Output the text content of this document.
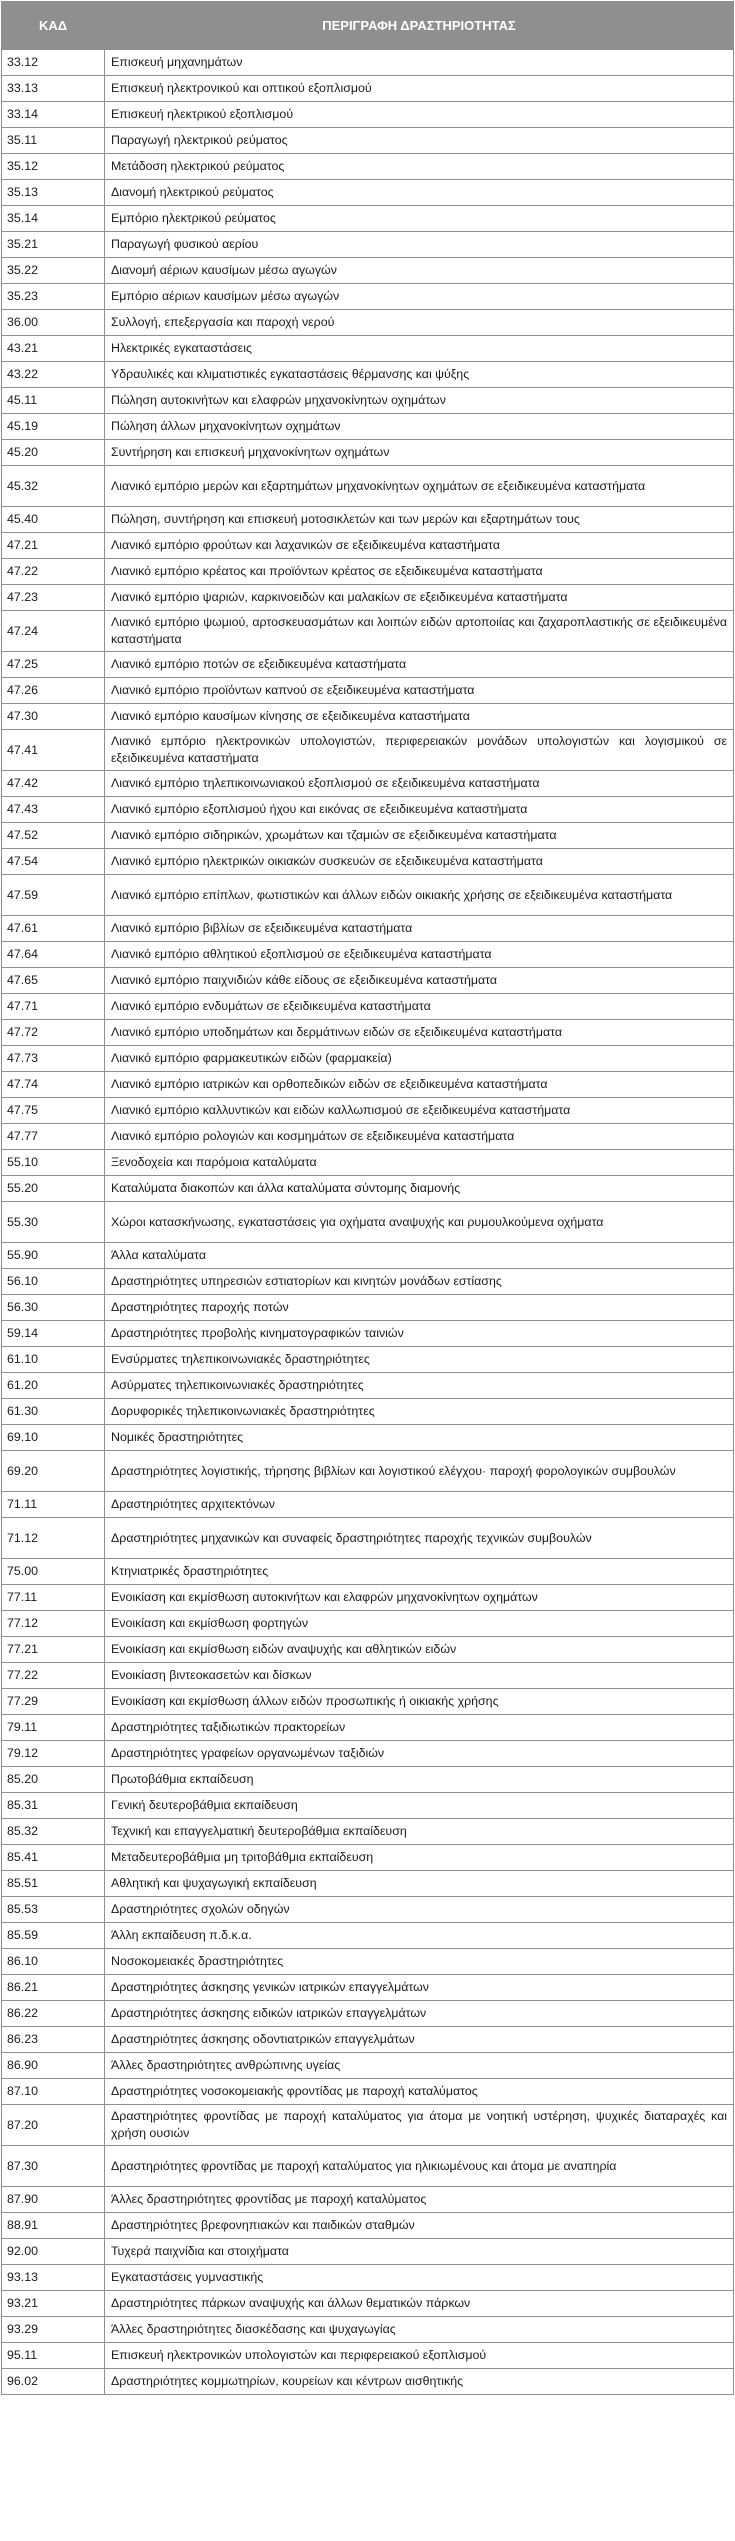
ΚΑΔ	ΠΕΡΙΓΡΑΦΗ ΔΡΑΣΤΗΡΙΟΤΗΤΑΣ
33.12	Επισκευή μηχανημάτων
33.13	Επισκευή ηλεκτρονικού και οπτικού εξοπλισμού
33.14	Επισκευή ηλεκτρικού εξοπλισμού
35.11	Παραγωγή ηλεκτρικού ρεύματος
35.12	Μετάδοση ηλεκτρικού ρεύματος
35.13	Διανομή ηλεκτρικού ρεύματος
35.14	Εμπόριο ηλεκτρικού ρεύματος
35.21	Παραγωγή φυσικού αερίου
35.22	Διανομή αέριων καυσίμων μέσω αγωγών
35.23	Εμπόριο αέριων καυσίμων μέσω αγωγών
36.00	Συλλογή, επεξεργασία και παροχή νερού
43.21	Ηλεκτρικές εγκαταστάσεις
43.22	Υδραυλικές και κλιματιστικές εγκαταστάσεις θέρμανσης και ψύξης
45.11	Πώληση αυτοκινήτων και ελαφρών μηχανοκίνητων οχημάτων
45.19	Πώληση άλλων μηχανοκίνητων οχημάτων
45.20	Συντήρηση και επισκευή μηχανοκίνητων οχημάτων
45.32	Λιανικό εμπόριο μερών και εξαρτημάτων μηχανοκίνητων οχημάτων σε εξειδικευμένα καταστήματα
45.40	Πώληση, συντήρηση και επισκευή μοτοσικλετών και των μερών και εξαρτημάτων τους
47.21	Λιανικό εμπόριο φρούτων και λαχανικών σε εξειδικευμένα καταστήματα
47.22	Λιανικό εμπόριο κρέατος και προϊόντων κρέατος σε εξειδικευμένα καταστήματα
47.23	Λιανικό εμπόριο ψαριών, καρκινοειδών και μαλακίων σε εξειδικευμένα καταστήματα
47.24	Λιανικό εμπόριο ψωμιού, αρτοσκευασμάτων και λοιπών ειδών αρτοποιίας και ζαχαροπλαστικής σε εξειδικευμένα καταστήματα
47.25	Λιανικό εμπόριο ποτών σε εξειδικευμένα καταστήματα
47.26	Λιανικό εμπόριο προϊόντων καπνού σε εξειδικευμένα καταστήματα
47.30	Λιανικό εμπόριο καυσίμων κίνησης σε εξειδικευμένα καταστήματα
47.41	Λιανικό εμπόριο ηλεκτρονικών υπολογιστών, περιφερειακών μονάδων υπολογιστών και λογισμικού σε εξειδικευμένα καταστήματα
47.42	Λιανικό εμπόριο τηλεπικοινωνιακού εξοπλισμού σε εξειδικευμένα καταστήματα
47.43	Λιανικό εμπόριο εξοπλισμού ήχου και εικόνας σε εξειδικευμένα καταστήματα
47.52	Λιανικό εμπόριο σιδηρικών, χρωμάτων και τζαμιών σε εξειδικευμένα καταστήματα
47.54	Λιανικό εμπόριο ηλεκτρικών οικιακών συσκευών σε εξειδικευμένα καταστήματα
47.59	Λιανικό εμπόριο επίπλων, φωτιστικών και άλλων ειδών οικιακής χρήσης σε εξειδικευμένα καταστήματα
47.61	Λιανικό εμπόριο βιβλίων σε εξειδικευμένα καταστήματα
47.64	Λιανικό εμπόριο αθλητικού εξοπλισμού σε εξειδικευμένα καταστήματα
47.65	Λιανικό εμπόριο παιχνιδιών κάθε είδους σε εξειδικευμένα καταστήματα
47.71	Λιανικό εμπόριο ενδυμάτων σε εξειδικευμένα καταστήματα
47.72	Λιανικό εμπόριο υποδημάτων και δερμάτινων ειδών σε εξειδικευμένα καταστήματα
47.73	Λιανικό εμπόριο φαρμακευτικών ειδών (φαρμακεία)
47.74	Λιανικό εμπόριο ιατρικών και ορθοπεδικών ειδών σε εξειδικευμένα καταστήματα
47.75	Λιανικό εμπόριο καλλυντικών και ειδών καλλωπισμού σε εξειδικευμένα καταστήματα
47.77	Λιανικό εμπόριο ρολογιών και κοσμημάτων σε εξειδικευμένα καταστήματα
55.10	Ξενοδοχεία και παρόμοια καταλύματα
55.20	Καταλύματα διακοπών και άλλα καταλύματα σύντομης διαμονής
55.30	Χώροι κατασκήνωσης, εγκαταστάσεις για οχήματα αναψυχής και ρυμουλκούμενα οχήματα
55.90	Άλλα καταλύματα
56.10	Δραστηριότητες υπηρεσιών εστιατορίων και κινητών μονάδων εστίασης
56.30	Δραστηριότητες παροχής ποτών
59.14	Δραστηριότητες προβολής κινηματογραφικών ταινιών
61.10	Ενσύρματες τηλεπικοινωνιακές δραστηριότητες
61.20	Ασύρματες τηλεπικοινωνιακές δραστηριότητες
61.30	Δορυφορικές τηλεπικοινωνιακές δραστηριότητες
69.10	Νομικές δραστηριότητες
69.20	Δραστηριότητες λογιστικής, τήρησης βιβλίων και λογιστικού ελέγχου· παροχή φορολογικών συμβουλών
71.11	Δραστηριότητες αρχιτεκτόνων
71.12	Δραστηριότητες μηχανικών και συναφείς δραστηριότητες παροχής τεχνικών συμβουλών
75.00	Κτηνιατρικές δραστηριότητες
77.11	Ενοικίαση και εκμίσθωση αυτοκινήτων και ελαφρών μηχανοκίνητων οχημάτων
77.12	Ενοικίαση και εκμίσθωση φορτηγών
77.21	Ενοικίαση και εκμίσθωση ειδών αναψυχής και αθλητικών ειδών
77.22	Ενοικίαση βιντεοκασετών και δίσκων
77.29	Ενοικίαση και εκμίσθωση άλλων ειδών προσωπικής ή οικιακής χρήσης
79.11	Δραστηριότητες ταξιδιωτικών πρακτορείων
79.12	Δραστηριότητες γραφείων οργανωμένων ταξιδιών
85.20	Πρωτοβάθμια εκπαίδευση
85.31	Γενική δευτεροβάθμια εκπαίδευση
85.32	Τεχνική και επαγγελματική δευτεροβάθμια εκπαίδευση
85.41	Μεταδευτεροβάθμια μη τριτοβάθμια εκπαίδευση
85.51	Αθλητική και ψυχαγωγική εκπαίδευση
85.53	Δραστηριότητες σχολών οδηγών
85.59	Άλλη εκπαίδευση π.δ.κ.α.
86.10	Νοσοκομειακές δραστηριότητες
86.21	Δραστηριότητες άσκησης γενικών ιατρικών επαγγελμάτων
86.22	Δραστηριότητες άσκησης ειδικών ιατρικών επαγγελμάτων
86.23	Δραστηριότητες άσκησης οδοντιατρικών επαγγελμάτων
86.90	Άλλες δραστηριότητες ανθρώπινης υγείας
87.10	Δραστηριότητες νοσοκομειακής φροντίδας με παροχή καταλύματος
87.20	Δραστηριότητες φροντίδας με παροχή καταλύματος για άτομα με νοητική υστέρηση, ψυχικές διαταραχές και χρήση ουσιών
87.30	Δραστηριότητες φροντίδας με παροχή καταλύματος για ηλικιωμένους και άτομα με αναπηρία
87.90	Άλλες δραστηριότητες φροντίδας με παροχή καταλύματος
88.91	Δραστηριότητες βρεφονηπιακών και παιδικών σταθμών
92.00	Τυχερά παιχνίδια και στοιχήματα
93.13	Εγκαταστάσεις γυμναστικής
93.21	Δραστηριότητες πάρκων αναψυχής και άλλων θεματικών πάρκων
93.29	Άλλες δραστηριότητες διασκέδασης και ψυχαγωγίας
95.11	Επισκευή ηλεκτρονικών υπολογιστών και περιφερειακού εξοπλισμού
96.02	Δραστηριότητες κομμωτηρίων, κουρείων και κέντρων αισθητικής
